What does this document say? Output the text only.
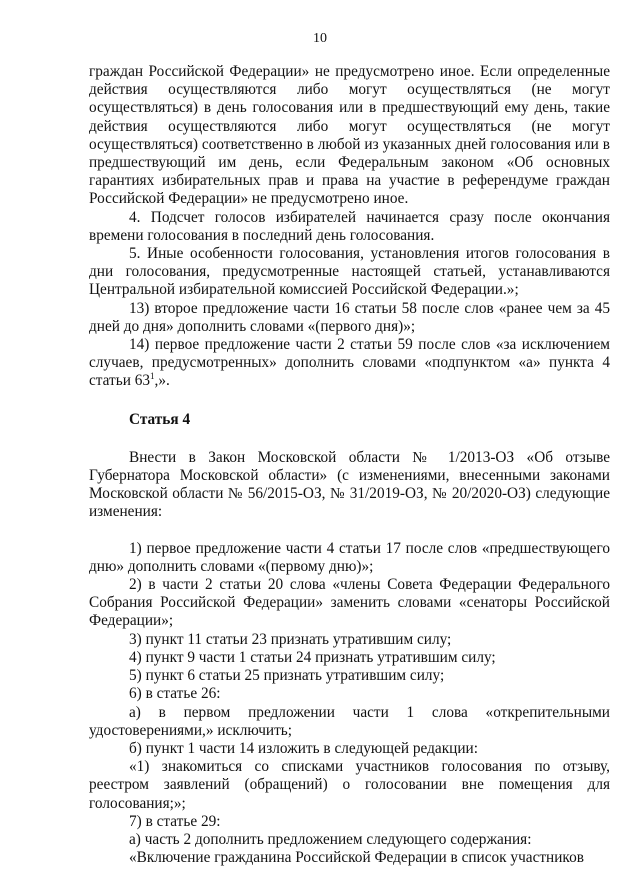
10

граждан Российской Федерации» не предусмотрено иное. Если определенные действия осуществляются либо могут осуществляться (не могут осуществляться) в день голосования или в предшествующий ему день, такие действия осуществляются либо могут осуществляться (не могут осуществляться) соответственно в любой из указанных дней голосования или в предшествующий им день, если Федеральным законом «Об основных гарантиях избирательных прав и права на участие в референдуме граждан Российской Федерации» не предусмотрено иное.

4. Подсчет голосов избирателей начинается сразу после окончания времени голосования в последний день голосования.

5. Иные особенности голосования, установления итогов голосования в дни голосования, предусмотренные настоящей статьей, устанавливаются Центральной избирательной комиссией Российской Федерации.»;

13) второе предложение части 16 статьи 58 после слов «ранее чем за 45 дней до дня» дополнить словами «(первого дня)»;

14) первое предложение части 2 статьи 59 после слов «за исключением случаев, предусмотренных» дополнить словами «подпунктом «а» пункта 4 статьи $63^1$,».

Статья 4

Внести в Закон Московской области № 1/2013-ОЗ «Об отзыве Губернатора Московской области» (с изменениями, внесенными законами Московской области № 56/2015-ОЗ, № 31/2019-ОЗ, № 20/2020-ОЗ) следующие изменения:

1) первое предложение части 4 статьи 17 после слов «предшествующего дню» дополнить словами «(первому дню)»;

2) в части 2 статьи 20 слова «члены Совета Федерации Федерального Собрания Российской Федерации» заменить словами «сенаторы Российской Федерации»;

3) пункт 11 статьи 23 признать утратившим силу;

4) пункт 9 части 1 статьи 24 признать утратившим силу;

5) пункт 6 статьи 25 признать утратившим силу;

6) в статье 26:

а) в первом предложении части 1 слова «открепительными удостоверениями,» исключить;

б) пункт 1 части 14 изложить в следующей редакции:

«1) знакомиться со списками участников голосования по отзыву, реестром заявлений (обращений) о голосовании вне помещения для голосования;»;

7) в статье 29:

а) часть 2 дополнить предложением следующего содержания:

«Включение гражданина Российской Федерации в список участников
